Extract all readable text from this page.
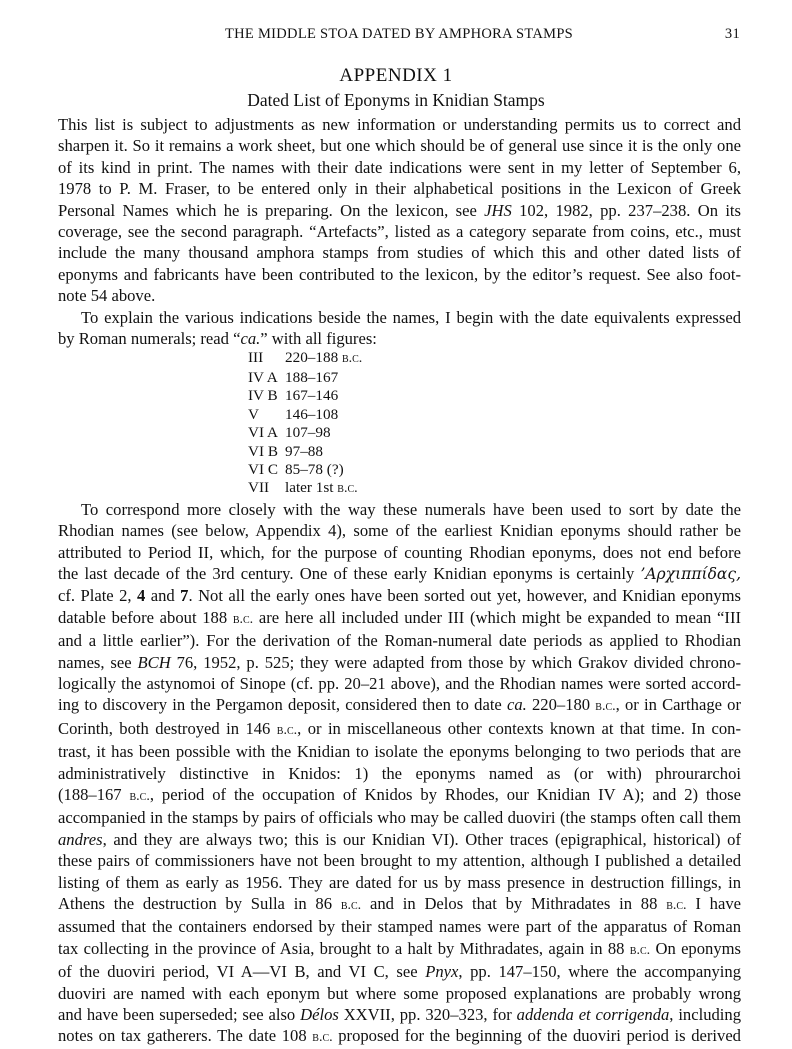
THE MIDDLE STOA DATED BY AMPHORA STAMPS	31
APPENDIX 1
Dated List of Eponyms in Knidian Stamps

This list is subject to adjustments as new information or understanding permits us to correct and

sharpen it. So it remains a work sheet, but one which should be of general use since it is the only one

of its kind in print. The names with their date indications were sent in my letter of September 6,

1978 to P. M. Fraser, to be entered only in their alphabetical positions in the Lexicon of Greek

Personal Names which he is preparing. On the lexicon, see JHS 102, 1982, pp. 237–238. On its

coverage, see the second paragraph. “Artefacts”, listed as a category separate from coins, etc., must

include the many thousand amphora stamps from studies of which this and other dated lists of

eponyms and fabricants have been contributed to the lexicon, by the editor’s request. See also foot-

note 54 above.

To explain the various indications beside the names, I begin with the date equivalents expressed

by Roman numerals; read “ca.” with all figures:

III	220–188 b.c.
IV A	188–167
IV B	167–146
V	146–108
VI A	107–98
VI B	97–88
VI C	85–78 (?)
VII	later 1st b.c.

To correspond more closely with the way these numerals have been used to sort by date the

Rhodian names (see below, Appendix 4), some of the earliest Knidian eponyms should rather be

attributed to Period II, which, for the purpose of counting Rhodian eponyms, does not end before

the last decade of the 3rd century. One of these early Knidian eponyms is certainly ’Αρχιππίδας,

cf. Plate 2, 4 and 7. Not all the early ones have been sorted out yet, however, and Knidian eponyms

datable before about 188 b.c. are here all included under III (which might be expanded to mean “III

and a little earlier”). For the derivation of the Roman-numeral date periods as applied to Rhodian

names, see BCH 76, 1952, p. 525; they were adapted from those by which Grakov divided chrono-

logically the astynomoi of Sinope (cf. pp. 20–21 above), and the Rhodian names were sorted accord-

ing to discovery in the Pergamon deposit, considered then to date ca. 220–180 b.c., or in Carthage or

Corinth, both destroyed in 146 b.c., or in miscellaneous other contexts known at that time. In con-

trast, it has been possible with the Knidian to isolate the eponyms belonging to two periods that are

administratively distinctive in Knidos: 1) the eponyms named as (or with) phrourarchoi

(188–167 b.c., period of the occupation of Knidos by Rhodes, our Knidian IV A); and 2) those

accompanied in the stamps by pairs of officials who may be called duoviri (the stamps often call them

andres, and they are always two; this is our Knidian VI). Other traces (epigraphical, historical) of

these pairs of commissioners have not been brought to my attention, although I published a detailed

listing of them as early as 1956. They are dated for us by mass presence in destruction fillings, in

Athens the destruction by Sulla in 86 b.c. and in Delos that by Mithradates in 88 b.c. I have

assumed that the containers endorsed by their stamped names were part of the apparatus of Roman

tax collecting in the province of Asia, brought to a halt by Mithradates, again in 88 b.c. On eponyms

of the duoviri period, VI A—VI B, and VI C, see Pnyx, pp. 147–150, where the accompanying

duoviri are named with each eponym but where some proposed explanations are probably wrong

and have been superseded; see also Délos XXVII, pp. 320–323, for addenda et corrigenda, including

notes on tax gatherers. The date 108 b.c. proposed for the beginning of the duoviri period is derived
